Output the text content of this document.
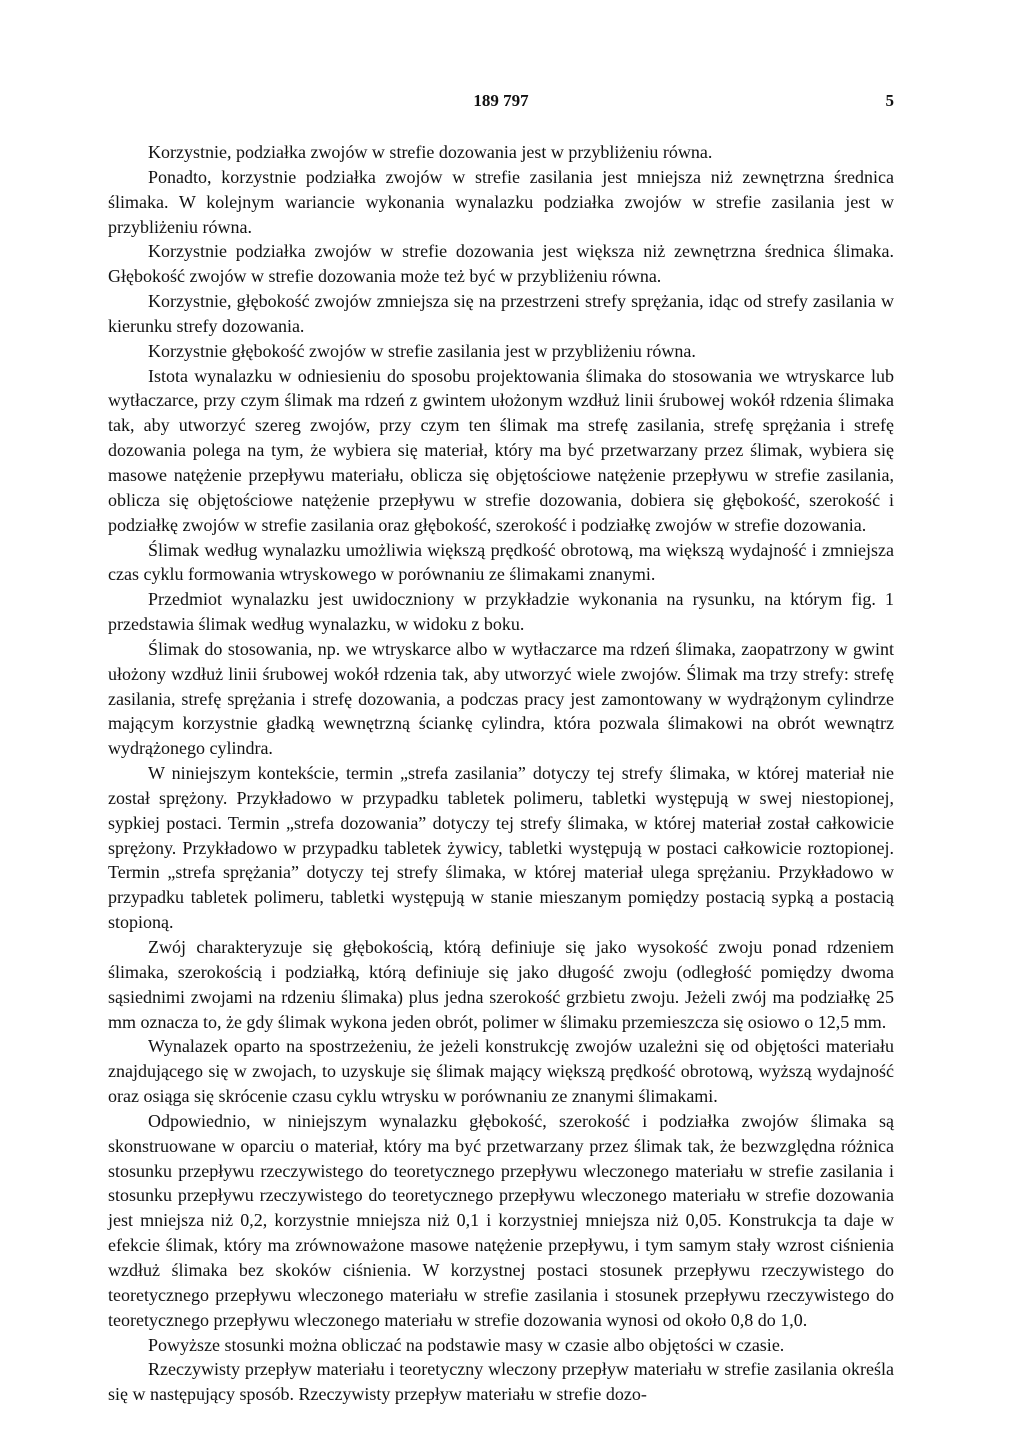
189 797	5

Korzystnie, podziałka zwojów w strefie dozowania jest w przybliżeniu równa.

Ponadto, korzystnie podziałka zwojów w strefie zasilania jest mniejsza niż zewnętrzna średnica ślimaka. W kolejnym wariancie wykonania wynalazku podziałka zwojów w strefie zasilania jest w przybliżeniu równa.

Korzystnie podziałka zwojów w strefie dozowania jest większa niż zewnętrzna średnica ślimaka. Głębokość zwojów w strefie dozowania może też być w przybliżeniu równa.

Korzystnie, głębokość zwojów zmniejsza się na przestrzeni strefy sprężania, idąc od strefy zasilania w kierunku strefy dozowania.

Korzystnie głębokość zwojów w strefie zasilania jest w przybliżeniu równa.

Istota wynalazku w odniesieniu do sposobu projektowania ślimaka do stosowania we wtryskarce lub wytłaczarce, przy czym ślimak ma rdzeń z gwintem ułożonym wzdłuż linii śrubowej wokół rdzenia ślimaka tak, aby utworzyć szereg zwojów, przy czym ten ślimak ma strefę zasilania, strefę sprężania i strefę dozowania polega na tym, że wybiera się materiał, który ma być przetwarzany przez ślimak, wybiera się masowe natężenie przepływu materiału, oblicza się objętościowe natężenie przepływu w strefie zasilania, oblicza się objętościowe natężenie przepływu w strefie dozowania, dobiera się głębokość, szerokość i podziałkę zwojów w strefie zasilania oraz głębokość, szerokość i podziałkę zwojów w strefie dozowania.

Ślimak według wynalazku umożliwia większą prędkość obrotową, ma większą wydajność i zmniejsza czas cyklu formowania wtryskowego w porównaniu ze ślimakami znanymi.

Przedmiot wynalazku jest uwidoczniony w przykładzie wykonania na rysunku, na którym fig. 1 przedstawia ślimak według wynalazku, w widoku z boku.

Ślimak do stosowania, np. we wtryskarce albo w wytłaczarce ma rdzeń ślimaka, zaopatrzony w gwint ułożony wzdłuż linii śrubowej wokół rdzenia tak, aby utworzyć wiele zwojów. Ślimak ma trzy strefy: strefę zasilania, strefę sprężania i strefę dozowania, a podczas pracy jest zamontowany w wydrążonym cylindrze mającym korzystnie gładką wewnętrzną ściankę cylindra, która pozwala ślimakowi na obrót wewnątrz wydrążonego cylindra.

W niniejszym kontekście, termin „strefa zasilania” dotyczy tej strefy ślimaka, w której materiał nie został sprężony. Przykładowo w przypadku tabletek polimeru, tabletki występują w swej niestopionej, sypkiej postaci. Termin „strefa dozowania” dotyczy tej strefy ślimaka, w której materiał został całkowicie sprężony. Przykładowo w przypadku tabletek żywicy, tabletki występują w postaci całkowicie roztopionej. Termin „strefa sprężania” dotyczy tej strefy ślimaka, w której materiał ulega sprężaniu. Przykładowo w przypadku tabletek polimeru, tabletki występują w stanie mieszanym pomiędzy postacią sypką a postacią stopioną.

Zwój charakteryzuje się głębokością, którą definiuje się jako wysokość zwoju ponad rdzeniem ślimaka, szerokością i podziałką, którą definiuje się jako długość zwoju (odległość pomiędzy dwoma sąsiednimi zwojami na rdzeniu ślimaka) plus jedna szerokość grzbietu zwoju. Jeżeli zwój ma podziałkę 25 mm oznacza to, że gdy ślimak wykona jeden obrót, polimer w ślimaku przemieszcza się osiowo o 12,5 mm.

Wynalazek oparto na spostrzeżeniu, że jeżeli konstrukcję zwojów uzależni się od objętości materiału znajdującego się w zwojach, to uzyskuje się ślimak mający większą prędkość obrotową, wyższą wydajność oraz osiąga się skrócenie czasu cyklu wtrysku w porównaniu ze znanymi ślimakami.

Odpowiednio, w niniejszym wynalazku głębokość, szerokość i podziałka zwojów ślimaka są skonstruowane w oparciu o materiał, który ma być przetwarzany przez ślimak tak, że bezwzględna różnica stosunku przepływu rzeczywistego do teoretycznego przepływu wleczonego materiału w strefie zasilania i stosunku przepływu rzeczywistego do teoretycznego przepływu wleczonego materiału w strefie dozowania jest mniejsza niż 0,2, korzystnie mniejsza niż 0,1 i korzystniej mniejsza niż 0,05. Konstrukcja ta daje w efekcie ślimak, który ma zrównoważone masowe natężenie przepływu, i tym samym stały wzrost ciśnienia wzdłuż ślimaka bez skoków ciśnienia. W korzystnej postaci stosunek przepływu rzeczywistego do teoretycznego przepływu wleczonego materiału w strefie zasilania i stosunek przepływu rzeczywistego do teoretycznego przepływu wleczonego materiału w strefie dozowania wynosi od około 0,8 do 1,0.

Powyższe stosunki można obliczać na podstawie masy w czasie albo objętości w czasie.

Rzeczywisty przepływ materiału i teoretyczny wleczony przepływ materiału w strefie zasilania określa się w następujący sposób. Rzeczywisty przepływ materiału w strefie dozo-
